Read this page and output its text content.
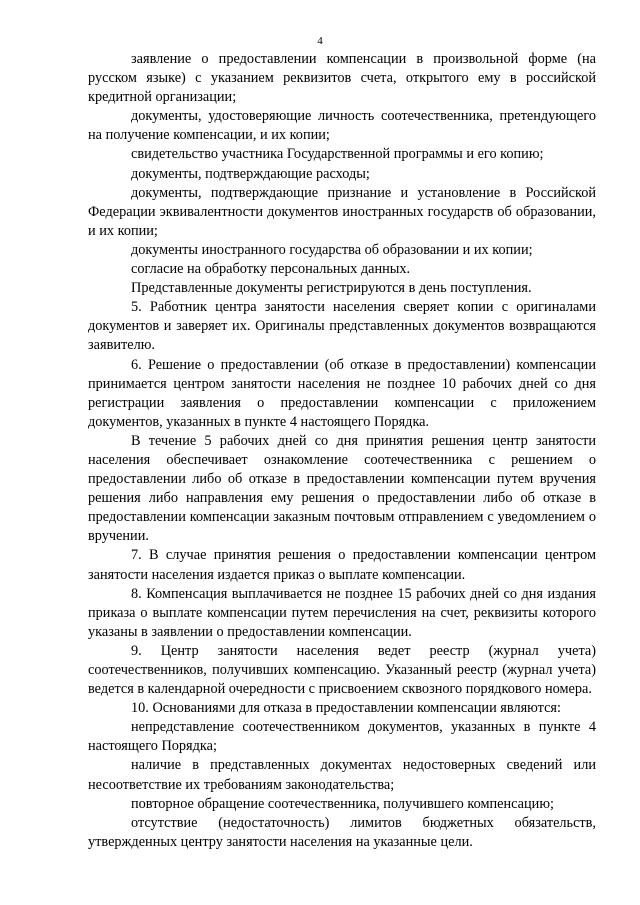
4

заявление о предоставлении компенсации в произвольной форме (на русском языке) с указанием реквизитов счета, открытого ему в российской кредитной организации;

документы, удостоверяющие личность соотечественника, претендующего на получение компенсации, и их копии;

свидетельство участника Государственной программы и его копию;

документы, подтверждающие расходы;

документы, подтверждающие признание и установление в Российской Федерации эквивалентности документов иностранных государств об образовании, и их копии;

документы иностранного государства об образовании и их копии;

согласие на обработку персональных данных.

Представленные документы регистрируются в день поступления.

5. Работник центра занятости населения сверяет копии с оригиналами документов и заверяет их. Оригиналы представленных документов возвращаются заявителю.

6. Решение о предоставлении (об отказе в предоставлении) компенсации принимается центром занятости населения не позднее 10 рабочих дней со дня регистрации заявления о предоставлении компенсации с приложением документов, указанных в пункте 4 настоящего Порядка.

В течение 5 рабочих дней со дня принятия решения центр занятости населения обеспечивает ознакомление соотечественника с решением о предоставлении либо об отказе в предоставлении компенсации путем вручения решения либо направления ему решения о предоставлении либо об отказе в предоставлении компенсации заказным почтовым отправлением с уведомлением о вручении.

7. В случае принятия решения о предоставлении компенсации центром занятости населения издается приказ о выплате компенсации.

8. Компенсация выплачивается не позднее 15 рабочих дней со дня издания приказа о выплате компенсации путем перечисления на счет, реквизиты которого указаны в заявлении о предоставлении компенсации.

9. Центр занятости населения ведет реестр (журнал учета) соотечественников, получивших компенсацию. Указанный реестр (журнал учета) ведется в календарной очередности с присвоением сквозного порядкового номера.

10. Основаниями для отказа в предоставлении компенсации являются:

непредставление соотечественником документов, указанных в пункте 4 настоящего Порядка;

наличие в представленных документах недостоверных сведений или несоответствие их требованиям законодательства;

повторное обращение соотечественника, получившего компенсацию;

отсутствие (недостаточность) лимитов бюджетных обязательств, утвержденных центру занятости населения на указанные цели.
